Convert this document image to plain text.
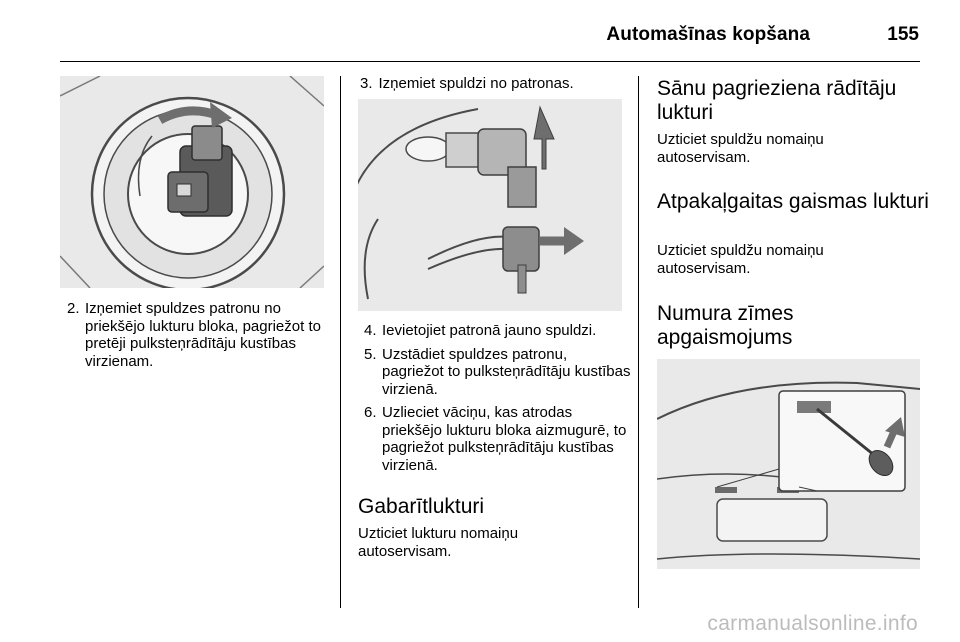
Automašīnas kopšana	155
2. Izņemiet spuldzes patronu no priekšējo lukturu bloka, pagriežot to pretēji pulksteņrādītāju kustības virzienam.
3. Izņemiet spuldzi no patronas.
4. Ievietojiet patronā jauno spuldzi.
5. Uzstādiet spuldzes patronu, pagriežot to pulksteņrādītāju kustības virzienā.
6. Uzlieciet vāciņu, kas atrodas priekšējo lukturu bloka aizmugurē, to pagriežot pulksteņrādītāju kustības virzienā.
Gabarītlukturi

Uzticiet lukturu nomaiņu autoservisam.

Sānu pagrieziena rādītāju lukturi

Uzticiet spuldžu nomaiņu autoservisam.

Atpakaļgaitas gaismas lukturi

Uzticiet spuldžu nomaiņu autoservisam.

Numura zīmes apgaismojums
carmanualsonline.info
